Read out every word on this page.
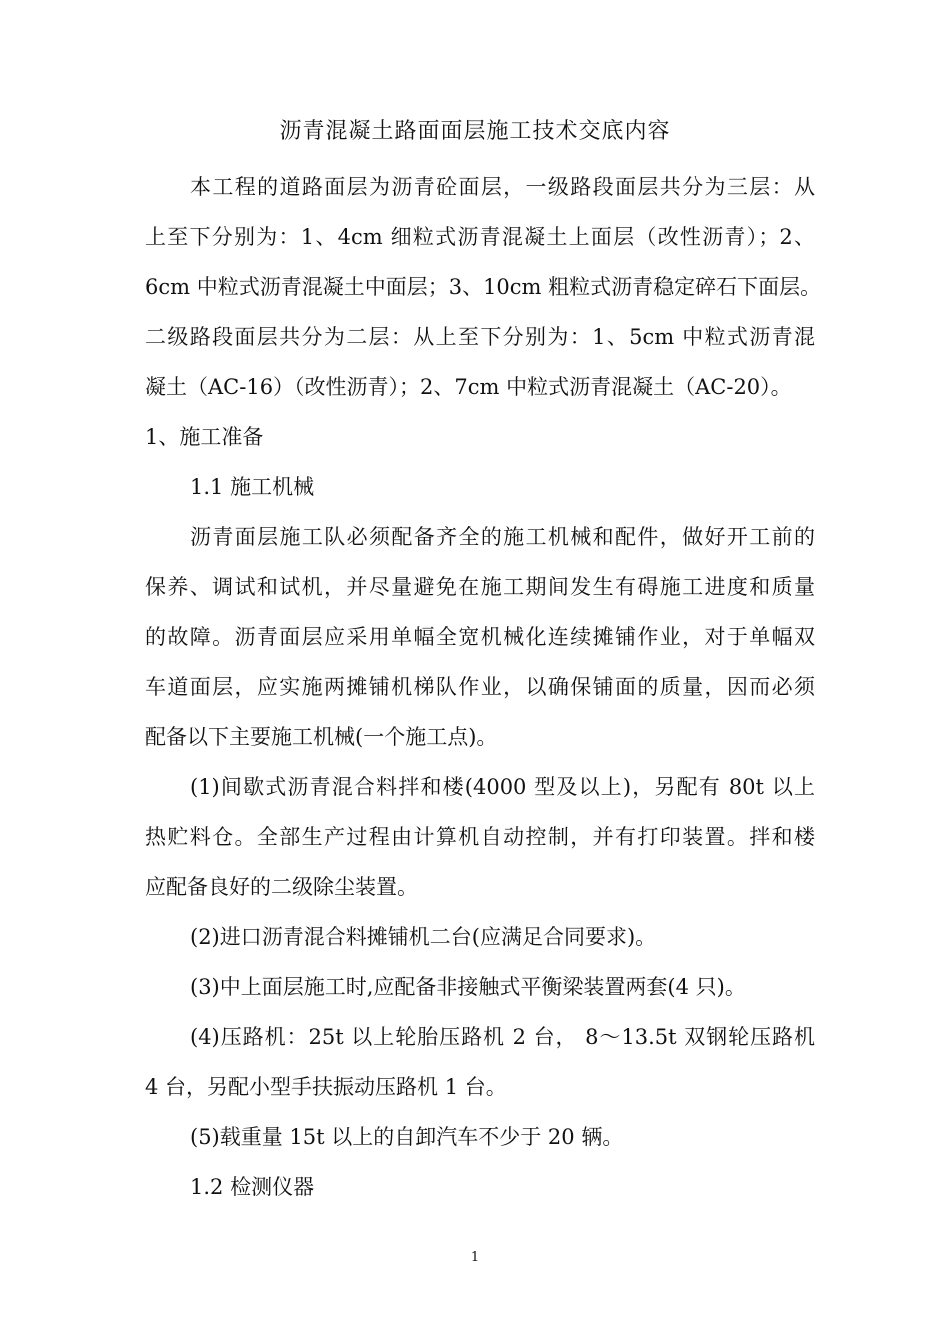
沥青混凝土路面面层施工技术交底内容
本工程的道路面层为沥青砼面层，一级路段面层共分为三层：从
上至下分别为：1、4cm 细粒式沥青混凝土上面层（改性沥青）；2、
6cm 中粒式沥青混凝土中面层；3、10cm 粗粒式沥青稳定碎石下面层。
二级路段面层共分为二层：从上至下分别为：1、5cm 中粒式沥青混
凝土（AC-16）（改性沥青）；2、7cm 中粒式沥青混凝土（AC-20）。
1、施工准备
1.1 施工机械
沥青面层施工队必须配备齐全的施工机械和配件，做好开工前的
保养、调试和试机，并尽量避免在施工期间发生有碍施工进度和质量
的故障。沥青面层应采用单幅全宽机械化连续摊铺作业，对于单幅双
车道面层，应实施两摊铺机梯队作业，以确保铺面的质量，因而必须
配备以下主要施工机械(一个施工点)。
(1)间歇式沥青混合料拌和楼(4000 型及以上)，另配有 80t 以上
热贮料仓。全部生产过程由计算机自动控制，并有打印装置。拌和楼
应配备良好的二级除尘装置。
(2)进口沥青混合料摊铺机二台(应满足合同要求)。
(3)中上面层施工时,应配备非接触式平衡梁装置两套(4 只)。
(4)压路机：25t 以上轮胎压路机 2 台， 8～13.5t 双钢轮压路机
4 台，另配小型手扶振动压路机 1 台。
(5)载重量 15t 以上的自卸汽车不少于 20 辆。
1.2 检测仪器
1
